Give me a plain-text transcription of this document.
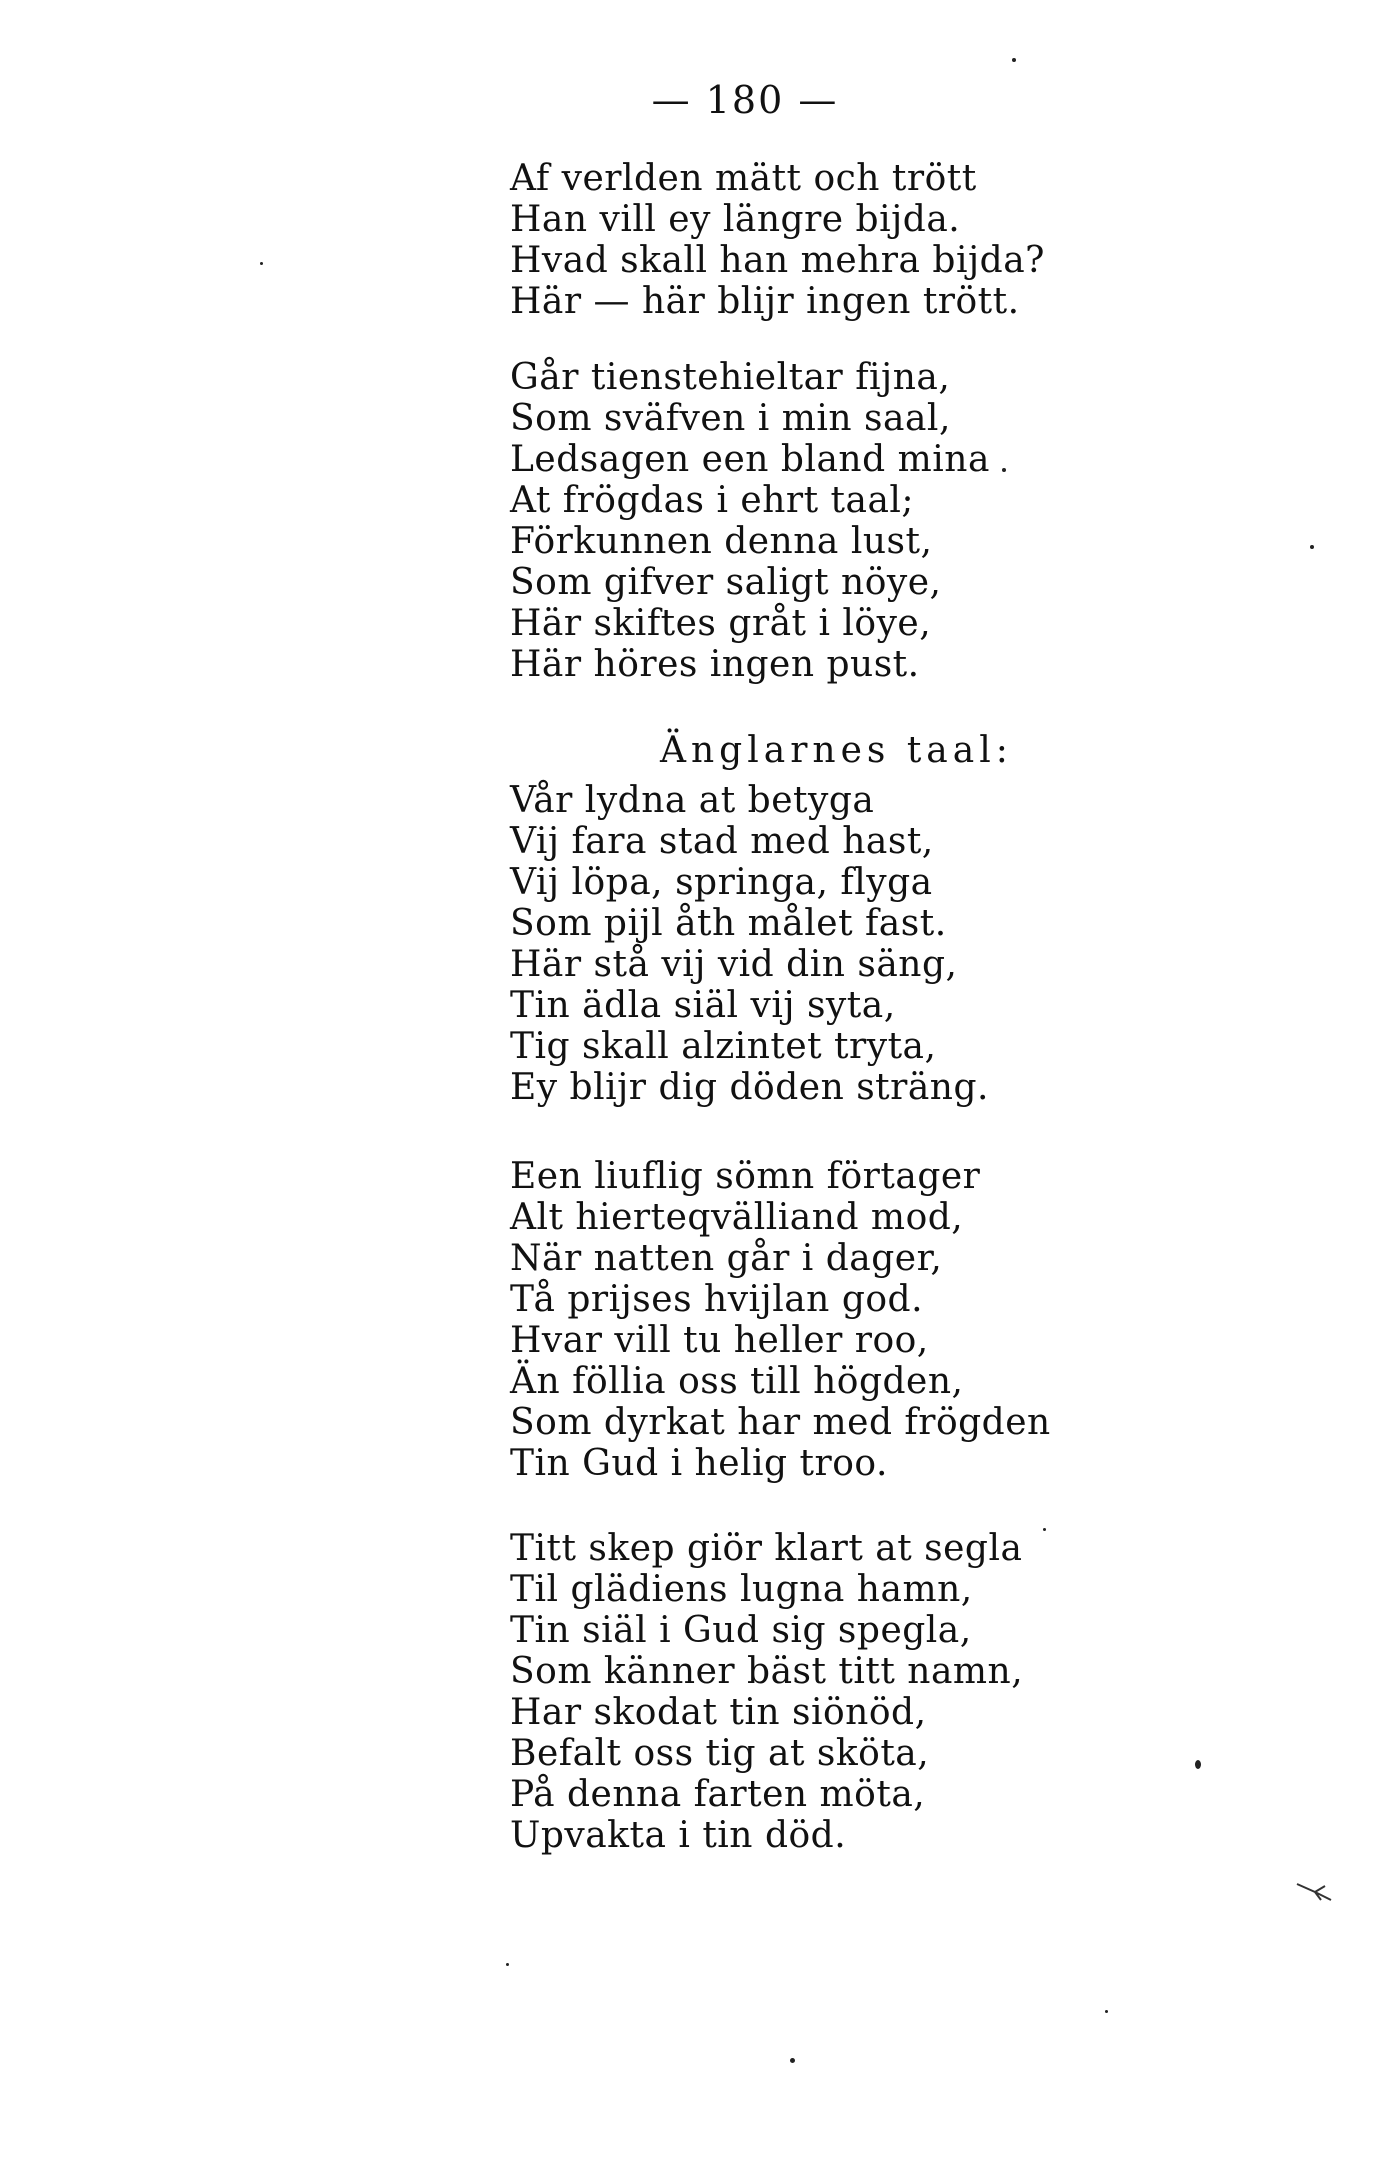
— 180 —
Af verlden mätt och trött
Han vill ey längre bijda.
Hvad skall han mehra bijda?
Här — här blijr ingen trött.
Går tienstehieltar fijna,
Som sväfven i min saal,
Ledsagen een bland mina
At frögdas i ehrt taal;
Förkunnen denna lust,
Som gifver saligt nöye,
Här skiftes gråt i löye,
Här höres ingen pust.
Änglarnes taal:
Vår lydna at betyga
Vij fara stad med hast,
Vij löpa, springa, flyga
Som pijl åth målet fast.
Här stå vij vid din säng,
Tin ädla siäl vij syta,
Tig skall alzintet tryta,
Ey blijr dig döden sträng.
Een liuflig sömn förtager
Alt hierteqvälliand mod,
När natten går i dager,
Tå prijses hvijlan god.
Hvar vill tu heller roo,
Än föllia oss till högden,
Som dyrkat har med frögden
Tin Gud i helig troo.
Titt skep giör klart at segla
Til glädiens lugna hamn,
Tin siäl i Gud sig spegla,
Som känner bäst titt namn,
Har skodat tin siönöd,
Befalt oss tig at sköta,
På denna farten möta,
Upvakta i tin död.
